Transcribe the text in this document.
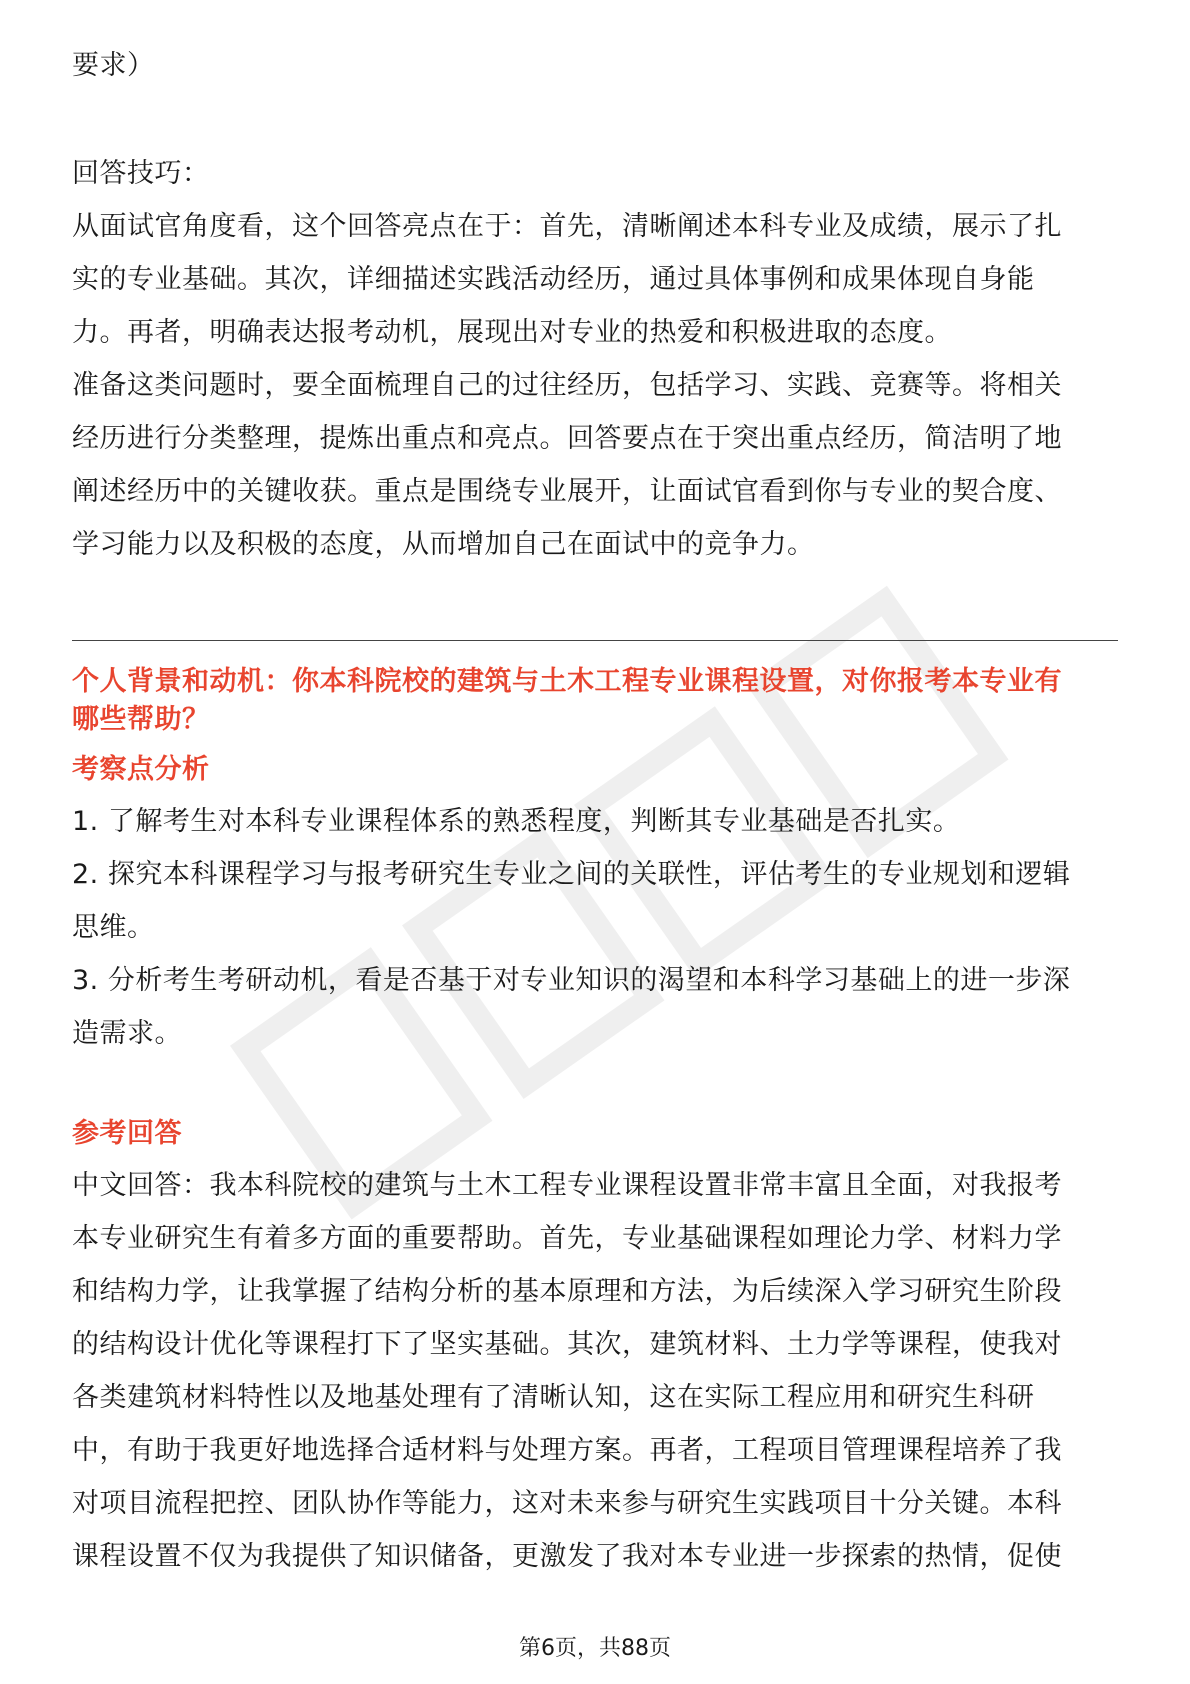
要求）
回答技巧：
从面试官角度看，这个回答亮点在于：首先，清晰阐述本科专业及成绩，展示了扎
实的专业基础。其次，详细描述实践活动经历，通过具体事例和成果体现自身能
力。再者，明确表达报考动机，展现出对专业的热爱和积极进取的态度。
准备这类问题时，要全面梳理自己的过往经历，包括学习、实践、竞赛等。将相关
经历进行分类整理，提炼出重点和亮点。回答要点在于突出重点经历，简洁明了地
阐述经历中的关键收获。重点是围绕专业展开，让面试官看到你与专业的契合度、
学习能力以及积极的态度，从而增加自己在面试中的竞争力。
个人背景和动机：你本科院校的建筑与土木工程专业课程设置，对你报考本专业有
哪些帮助？
考察点分析
1. 了解考生对本科专业课程体系的熟悉程度，判断其专业基础是否扎实。
2. 探究本科课程学习与报考研究生专业之间的关联性，评估考生的专业规划和逻辑
思维。
3. 分析考生考研动机，看是否基于对专业知识的渴望和本科学习基础上的进一步深
造需求。
参考回答
中文回答：我本科院校的建筑与土木工程专业课程设置非常丰富且全面，对我报考
本专业研究生有着多方面的重要帮助。首先，专业基础课程如理论力学、材料力学
和结构力学，让我掌握了结构分析的基本原理和方法，为后续深入学习研究生阶段
的结构设计优化等课程打下了坚实基础。其次，建筑材料、土力学等课程，使我对
各类建筑材料特性以及地基处理有了清晰认知，这在实际工程应用和研究生科研
中，有助于我更好地选择合适材料与处理方案。再者，工程项目管理课程培养了我
对项目流程把控、团队协作等能力，这对未来参与研究生实践项目十分关键。本科
课程设置不仅为我提供了知识储备，更激发了我对本专业进一步探索的热情，促使
第6页，共88页
